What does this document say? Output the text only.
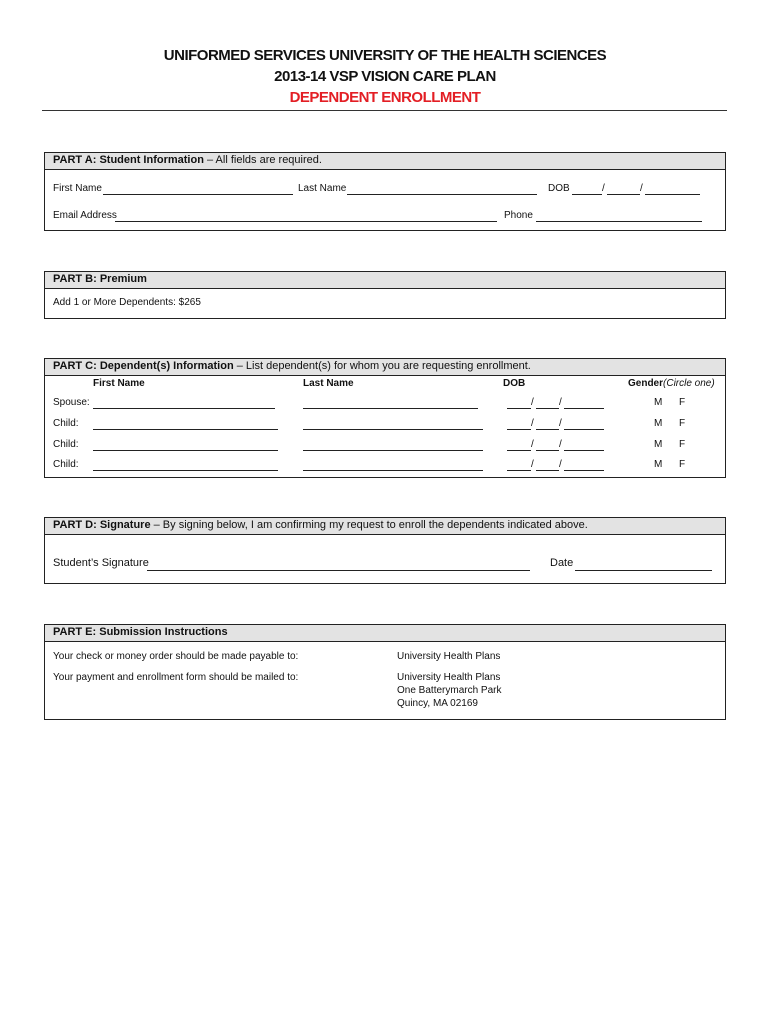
UNIFORMED SERVICES UNIVERSITY OF THE HEALTH SCIENCES
2013-14 VSP VISION CARE PLAN
DEPENDENT ENROLLMENT
PART A: Student Information – All fields are required.
First Name	Last Name	DOB	/	/
Email Address	Phone
PART B: Premium
Add 1 or More Dependents: $265
PART C: Dependent(s) Information – List dependent(s) for whom you are requesting enrollment.
First Name	Last Name	DOB	Gender(Circle one)
Spouse:	/	/	M F
Child:	/	/	M F
Child:	/	/	M F
Child:	/	/	M F
PART D: Signature – By signing below, I am confirming my request to enroll the dependents indicated above.
Student’s Signature	Date
PART E: Submission Instructions
Your check or money order should be made payable to:	University Health Plans
Your payment and enrollment form should be mailed to:	University Health Plans
One Batterymarch Park
Quincy, MA 02169
